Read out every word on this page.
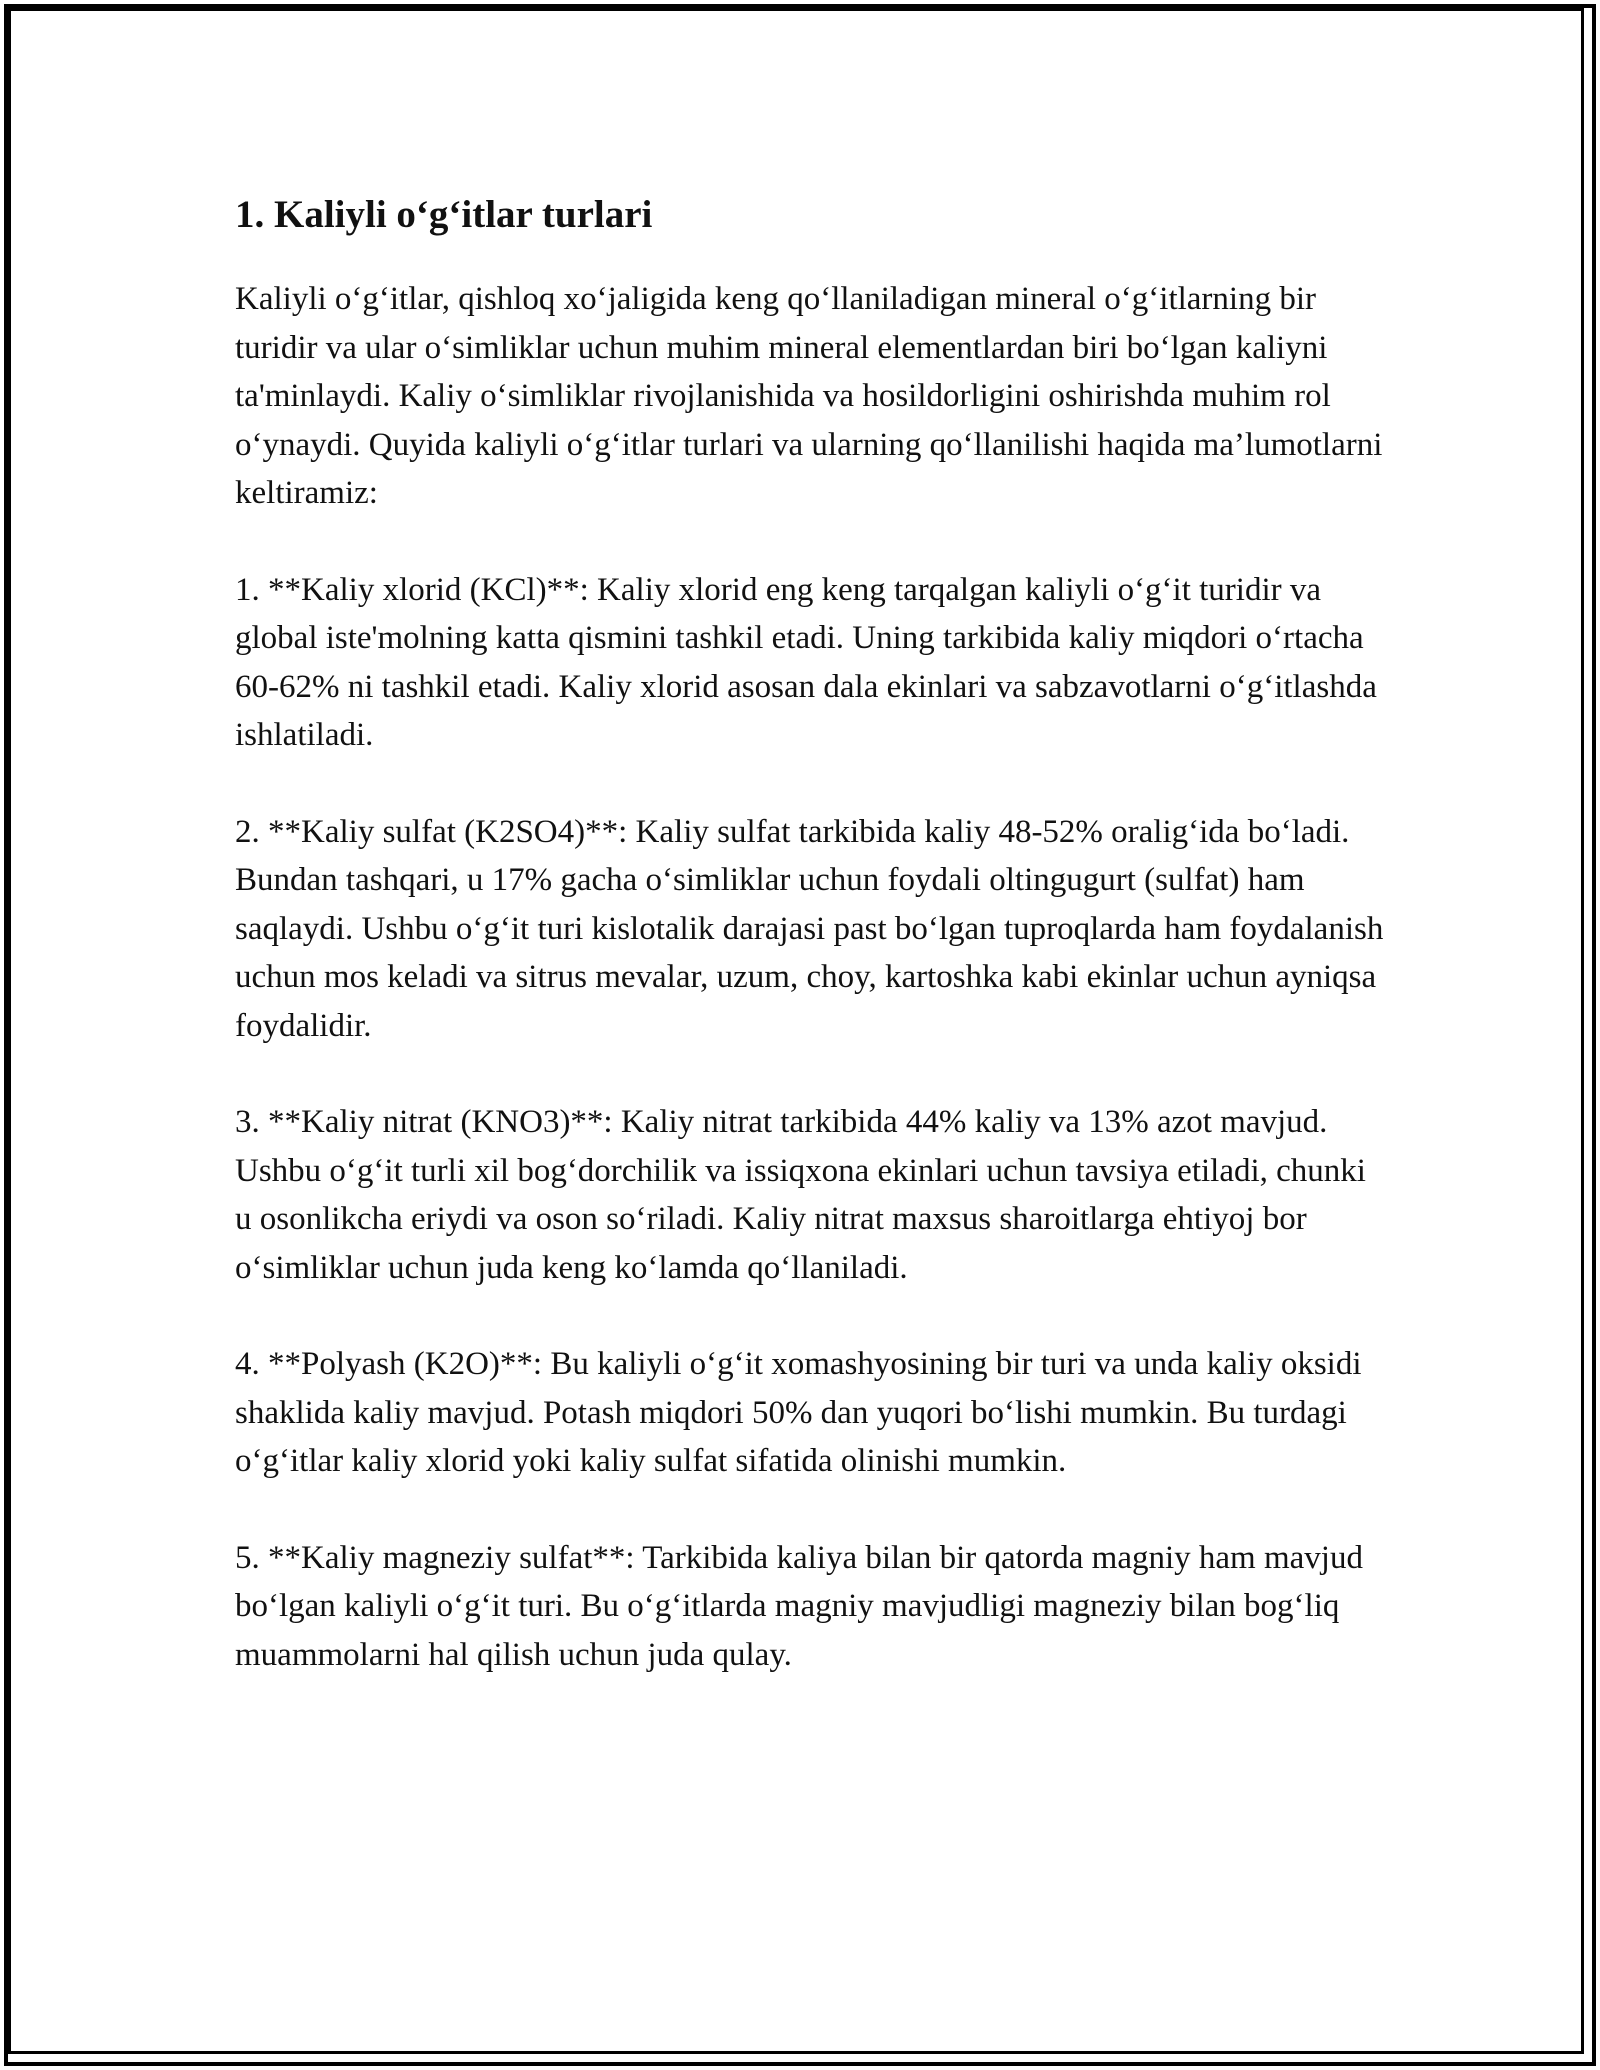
1. Kaliyli o‘g‘itlar turlari

Kaliyli o‘g‘itlar, qishloq xo‘jaligida keng qo‘llaniladigan mineral o‘g‘itlarning bir turidir va ular o‘simliklar uchun muhim mineral elementlardan biri bo‘lgan kaliyni ta'minlaydi. Kaliy o‘simliklar rivojlanishida va hosildorligini oshirishda muhim rol o‘ynaydi. Quyida kaliyli o‘g‘itlar turlari va ularning qo‘llanilishi haqida ma’lumotlarni keltiramiz:

1. **Kaliy xlorid (KCl)**: Kaliy xlorid eng keng tarqalgan kaliyli o‘g‘it turidir va global iste'molning katta qismini tashkil etadi. Uning tarkibida kaliy miqdori o‘rtacha 60-62% ni tashkil etadi. Kaliy xlorid asosan dala ekinlari va sabzavotlarni o‘g‘itlashda ishlatiladi.

2. **Kaliy sulfat (K2SO4)**: Kaliy sulfat tarkibida kaliy 48-52% oralig‘ida bo‘ladi. Bundan tashqari, u 17% gacha o‘simliklar uchun foydali oltingugurt (sulfat) ham saqlaydi. Ushbu o‘g‘it turi kislotalik darajasi past bo‘lgan tuproqlarda ham foydalanish uchun mos keladi va sitrus mevalar, uzum, choy, kartoshka kabi ekinlar uchun ayniqsa foydalidir.

3. **Kaliy nitrat (KNO3)**: Kaliy nitrat tarkibida 44% kaliy va 13% azot mavjud. Ushbu o‘g‘it turli xil bog‘dorchilik va issiqxona ekinlari uchun tavsiya etiladi, chunki u osonlikcha eriydi va oson so‘riladi. Kaliy nitrat maxsus sharoitlarga ehtiyoj bor o‘simliklar uchun juda keng ko‘lamda qo‘llaniladi.

4. **Polyash (K2O)**: Bu kaliyli o‘g‘it xomashyosining bir turi va unda kaliy oksidi shaklida kaliy mavjud. Potash miqdori 50% dan yuqori bo‘lishi mumkin. Bu turdagi o‘g‘itlar kaliy xlorid yoki kaliy sulfat sifatida olinishi mumkin.

5. **Kaliy magneziy sulfat**: Tarkibida kaliya bilan bir qatorda magniy ham mavjud bo‘lgan kaliyli o‘g‘it turi. Bu o‘g‘itlarda magniy mavjudligi magneziy bilan bog‘liq muammolarni hal qilish uchun juda qulay.
